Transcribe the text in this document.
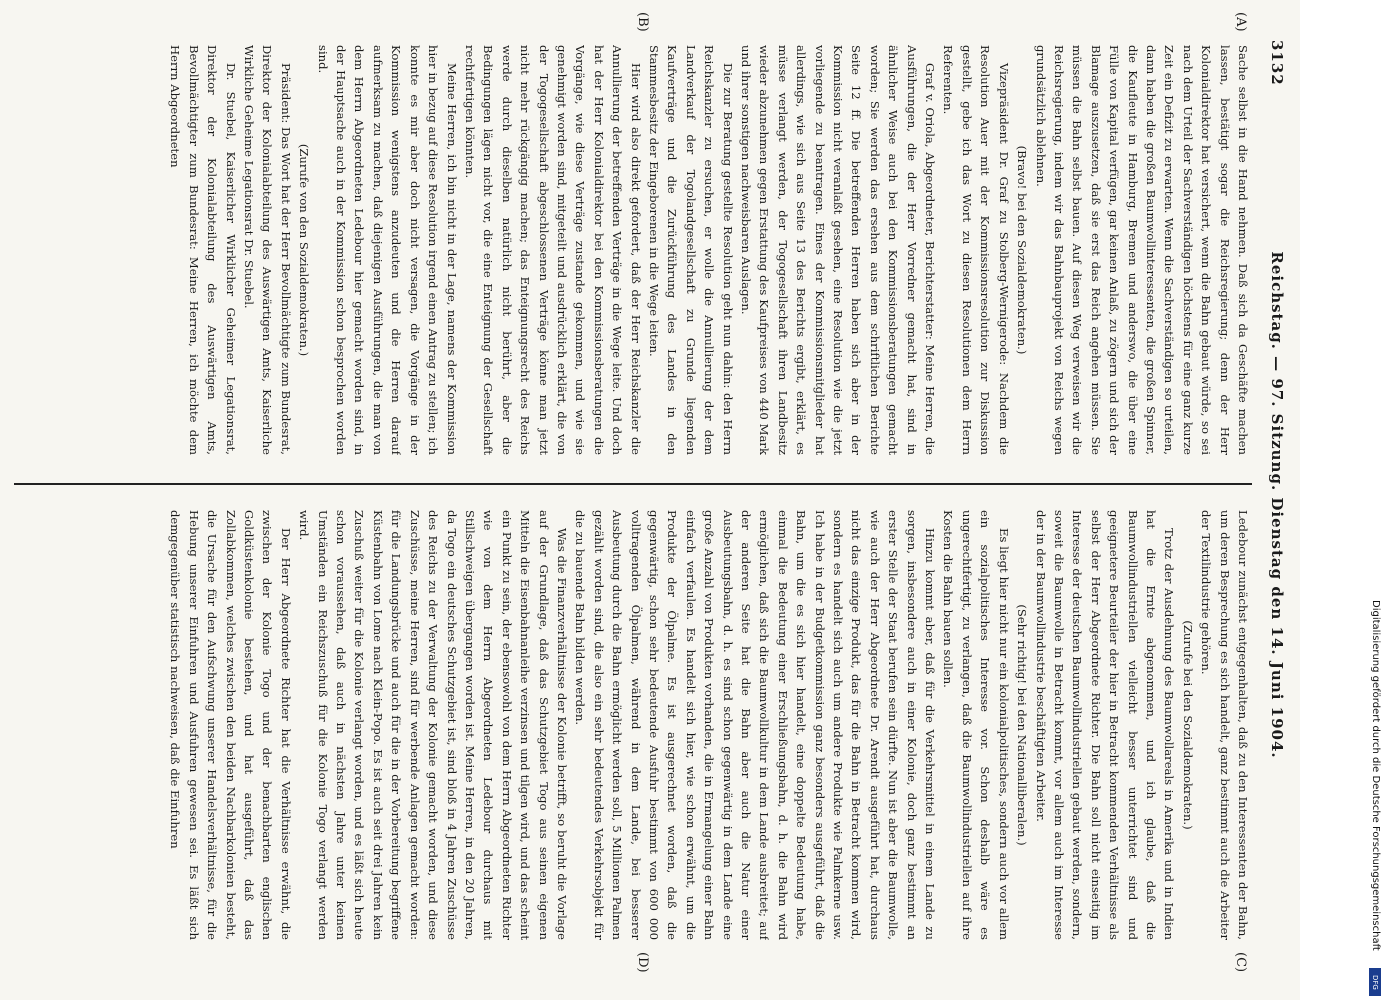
3132
Reichstag. — 97. Sitzung. Dienstag den 14. Juni 1904.
(A)
(B)
(C)
(D)

Sache selbst in die Hand nehmen. Daß sich da Geschäfte machen lassen, bestätigt sogar die Reichsregierung; denn der Herr Kolonialdirektor hat versichert, wenn die Bahn gebaut würde, so sei nach dem Urteil der Sachverständigen höchstens für eine ganz kurze Zeit ein Defizit zu erwarten. Wenn die Sachverständigen so urteilen, dann haben die großen Baumwollinteressenten, die großen Spinner, die Kaufleute in Hamburg, Bremen und anderswo, die über eine Fülle von Kapital verfügen, gar keinen Anlaß, zu zögern und sich der Blamage auszusetzen, daß sie erst das Reich angehen müssen. Sie müssen die Bahn selbst bauen. Auf diesen Weg verweisen wir die Reichsregierung, indem wir das Bahnbauprojekt von Reichs wegen grundsätzlich ablehnen.

(Bravo! bei den Sozialdemokraten.)

Vizepräsident Dr. Graf zu Stolberg-Wernigerode: Nachdem die Resolution Auer mit der Kommissionsresolution zur Diskussion gestellt, gebe ich das Wort zu diesen Resolutionen dem Herrn Referenten.

Graf v. Oriola, Abgeordneter, Berichterstatter: Meine Herren, die Ausführungen, die der Herr Vorredner gemacht hat, sind in ähnlicher Weise auch bei den Kommissionsberatungen gemacht worden; Sie werden das ersehen aus dem schriftlichen Berichte Seite 12 ff. Die betreffenden Herren haben sich aber in der Kommission nicht veranlaßt gesehen, eine Resolution wie die jetzt vorliegende zu beantragen. Eines der Kommissionsmitglieder hat allerdings, wie sich aus Seite 13 des Berichts ergibt, erklärt, es müsse verlangt werden, der Togogesellschaft ihren Landbesitz wieder abzunehmen gegen Erstattung des Kaufpreises von 440 Mark und ihrer sonstigen nachweisbaren Auslagen.

Die zur Beratung gestellte Resolution geht nun dahin: den Herrn Reichskanzler zu ersuchen, er wolle die Annullierung der dem Landverkauf der Togolandgesellschaft zu Grunde liegenden Kaufverträge und die Zurückführung des Landes in den Stammesbesitz der Eingeborenen in die Wege leiten.

Hier wird also direkt gefordert, daß der Herr Reichskanzler die Annullierung der betreffenden Verträge in die Wege leite. Und doch hat der Herr Kolonialdirektor bei den Kommissionsberatungen die Vorgänge, wie diese Verträge zustande gekommen, und wie sie genehmigt worden sind, mitgeteilt und ausdrücklich erklärt, die von der Togogesellschaft abgeschlossenen Verträge könne man jetzt nicht mehr rückgängig machen; das Enteignungsrecht des Reichs werde durch dieselben natürlich nicht berührt, aber die Bedingungen lägen nicht vor, die eine Enteignung der Gesellschaft rechtfertigen könnten.

Meine Herren, ich bin nicht in der Lage, namens der Kommission hier in bezug auf diese Resolution irgend einen Antrag zu stellen; ich konnte es mir aber doch nicht versagen, die Vorgänge in der Kommission wenigstens anzudeuten und die Herren darauf aufmerksam zu machen, daß diejenigen Ausführungen, die man von dem Herrn Abgeordneten Ledebour hier gemacht worden sind, in der Hauptsache auch in der Kommission schon besprochen worden sind.

(Zurufe von den Sozialdemokraten.)

Präsident: Das Wort hat der Herr Bevollmächtigte zum Bundesrat, Direktor der Kolonialabteilung des Auswärtigen Amts, Kaiserliche Wirkliche Geheime Legationsrat Dr. Stuebel.

Dr. Stuebel, Kaiserlicher Wirklicher Geheimer Legationsrat, Direktor der Kolonialabteilung des Auswärtigen Amts, Bevollmächtigter zum Bundesrat: Meine Herren, ich möchte dem Herrn Abgeordneten

Ledebour zunächst entgegenhalten, daß zu den Interessenten der Bahn, um deren Besprechung es sich handelt, ganz bestimmt auch die Arbeiter der Textilindustrie gehören.

(Zurufe bei den Sozialdemokraten.)

Trotz der Ausdehnung des Baumwollareals in Amerika und in Indien hat die Ernte abgenommen, und ich glaube, daß die Baumwollindustriellen vielleicht besser unterrichtet sind und geeignetere Beurteiler der hier in Betracht kommenden Verhältnisse als selbst der Herr Abgeordnete Richter. Die Bahn soll nicht einseitig im Interesse der deutschen Baumwollindustriellen gebaut werden, sondern, soweit die Baumwolle in Betracht kommt, vor allem auch im Interesse der in der Baumwollindustrie beschäftigten Arbeiter.

(Sehr richtig! bei den Nationalliberalen.)

Es liegt hier nicht nur ein kolonialpolitisches, sondern auch vor allem ein sozialpolitisches Interesse vor. Schon deshalb wäre es ungerechtfertigt, zu verlangen, daß die Baumwollindustriellen auf ihre Kosten die Bahn bauen sollen.

Hinzu kommt aber, daß für die Verkehrsmittel in einem Lande zu sorgen, insbesondere auch in einer Kolonie, doch ganz bestimmt an erster Stelle der Staat berufen sein dürfte. Nun ist aber die Baumwolle, wie auch der Herr Abgeordnete Dr. Arendt ausgeführt hat, durchaus nicht das einzige Produkt, das für die Bahn in Betracht kommen wird, sondern es handelt sich auch um andere Produkte wie Palmkerne usw. Ich habe in der Budgetkommission ganz besonders ausgeführt, daß die Bahn, um die es sich hier handelt, eine doppelte Bedeutung habe, einmal die Bedeutung einer Erschließungsbahn, d. h. die Bahn wird ermöglichen, daß sich die Baumwollkultur in dem Lande ausbreitet; auf der anderen Seite hat die Bahn aber auch die Natur einer Ausbeutungsbahn, d. h. es sind schon gegenwärtig in dem Lande eine große Anzahl von Produkten vorhanden, die in Ermangelung einer Bahn einfach verfaulen. Es handelt sich hier, wie schon erwähnt, um die Produkte der Ölpalme. Es ist ausgerechnet worden, daß die gegenwärtig, schon sehr bedeutende Ausfuhr bestimmt von 600 000 volltragenden Ölpalmen, während in dem Lande, bei besserer Ausbeutung durch die Bahn ermöglicht werden soll, 5 Millionen Palmen gezählt worden sind, die also ein sehr bedeutendes Verkehrsobjekt für die zu bauende Bahn bilden werden.

Was die Finanzverhältnisse der Kolonie betrifft, so beruht die Vorlage auf der Grundlage, daß das Schutzgebiet Togo aus seinen eigenen Mitteln die Eisenbahnanleihe verzinsen und tilgen wird, und das scheint ein Punkt zu sein, der ebensowohl von dem Herrn Abgeordneten Richter wie von dem Herrn Abgeordneten Ledebour durchaus mit Stillschweigen übergangen worden ist. Meine Herren, in den 20 Jahren, da Togo ein deutsches Schutzgebiet ist, sind bloß in 4 Jahren Zuschüsse des Reichs zu der Verwaltung der Kolonie gemacht worden, und diese Zuschüsse, meine Herren, sind für werbende Anlagen gemacht worden: für die Landungsbrücke und auch für die in der Vorbereitung begriffene Küstenbahn von Lome nach Klein-Popo. Es ist auch seit drei Jahren kein Zuschuß weiter für die Kolonie verlangt worden, und es läßt sich heute schon voraussehen, daß auch in nächsten Jahre unter keinen Umständen ein Reichszuschuß für die Kolonie Togo verlangt werden wird.

Der Herr Abgeordnete Richter hat die Verhältnisse erwähnt, die zwischen der Kolonie Togo und der benachbarten englischen Goldküstenkolonie bestehen, und hat ausgeführt, daß das Zollabkommen, welches zwischen den beiden Nachbarkolonien besteht, die Ursache für den Aufschwung unserer Handelsverhältnisse, für die Hebung unserer Einfuhren und Ausfuhren gewesen sei. Es läßt sich demgegenüber statistisch nachweisen, daß die Einfuhren	Digitalisierung gefördert durch die Deutsche Forschungsgemeinschaft
DFG
